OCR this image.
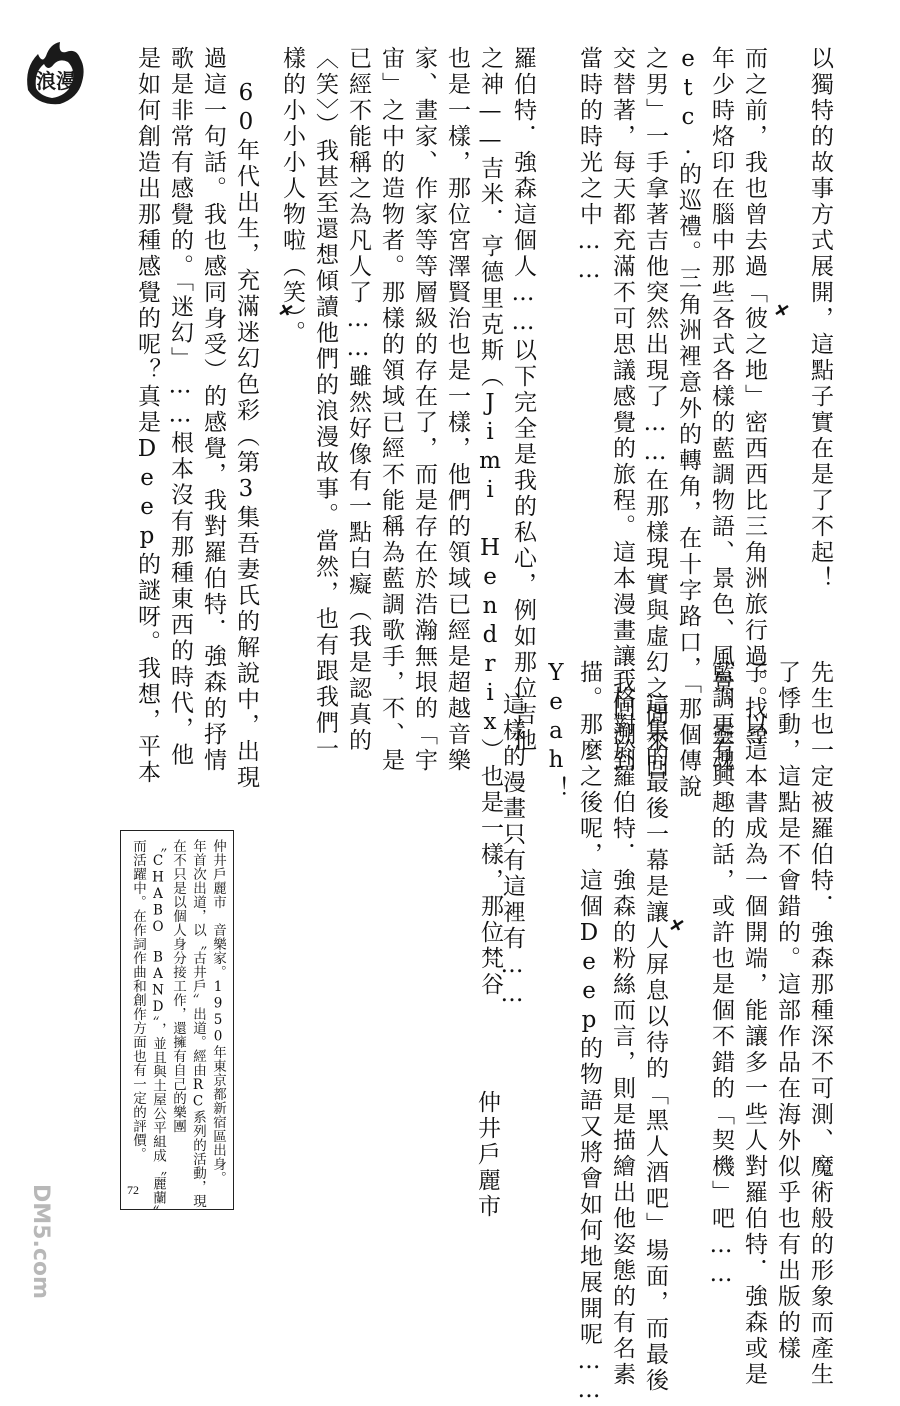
浪漫	以獨特的故事方式展開，這點子實在是了不起！
而之前，我也曾去過「彼之地」密西西比三角洲旅行過。找尋
年少時烙印在腦中那些各式各樣的藍調物語、景色、風景、靈魂
etc.的巡禮。三角洲裡意外的轉角，在十字路口，「那個傳說
之男」一手拿著吉他突然出現了……在那樣現實與虛幻之間來回
交替著，每天都充滿不可思議感覺的旅程。這本漫畫讓我回溯到
當時的時光之中……
羅伯特．強森這個人……以下完全是我的私心，例如那位吉他
之神——吉米．亨德里克斯（Jimi Hendrix）也是一樣，那位梵谷
也是一樣，那位宮澤賢治也是一樣，他們的領域已經是超越音樂
家、畫家、作家等等層級的存在了，而是存在於浩瀚無垠的「宇
宙」之中的造物者。那樣的領域已經不能稱為藍調歌手，不、是
已經不能稱之為凡人了……雖然好像有一點白癡（我是認真的
〈笑〉）我甚至還想傾讀他們的浪漫故事。當然，也有跟我們一
樣的小小小人物啦（笑）。
60年代出生，充滿迷幻色彩（第3集吾妻氏的解說中，出現
過這一句話。我也感同身受）的感覺，我對羅伯特．強森的抒情
歌是非常有感覺的。「迷幻」……根本沒有那種東西的時代，他
是如何創造出那種感覺的呢？真是Deep的謎呀。我想，平本
先生也一定被羅伯特．強森那種深不可測、魔術般的形象而產生
了悸動，這點是不會錯的。這部作品在海外似乎也有出版的樣
子。以這本書成為一個開端，能讓多一些人對羅伯特．強森或是
藍調更有興趣的話，或許也是個不錯的「契機」吧……
這集的最後一幕是讓人屏息以待的「黑人酒吧」場面，而最後
一格對於羅伯特．強森的粉絲而言，則是描繪出他姿態的有名素
描。那麼之後呢，這個Deep的物語又將會如何地展開呢……
Yeah！
這樣的漫畫只有這裡有……
仲井戶麗市
仲井戶麗市　音樂家。1950年東京都新宿區出身。
年首次出道，以〝古井戶〞出道。經由RC系列的活動，現
在不只是以個人身分接工作，還擁有自己的樂團
〝CHABO　BAND〞，並且與土屋公平組成〝麗蘭〞
而活躍中。在作詞作曲和創作方面也有一定的評價。
72
DM5.com
